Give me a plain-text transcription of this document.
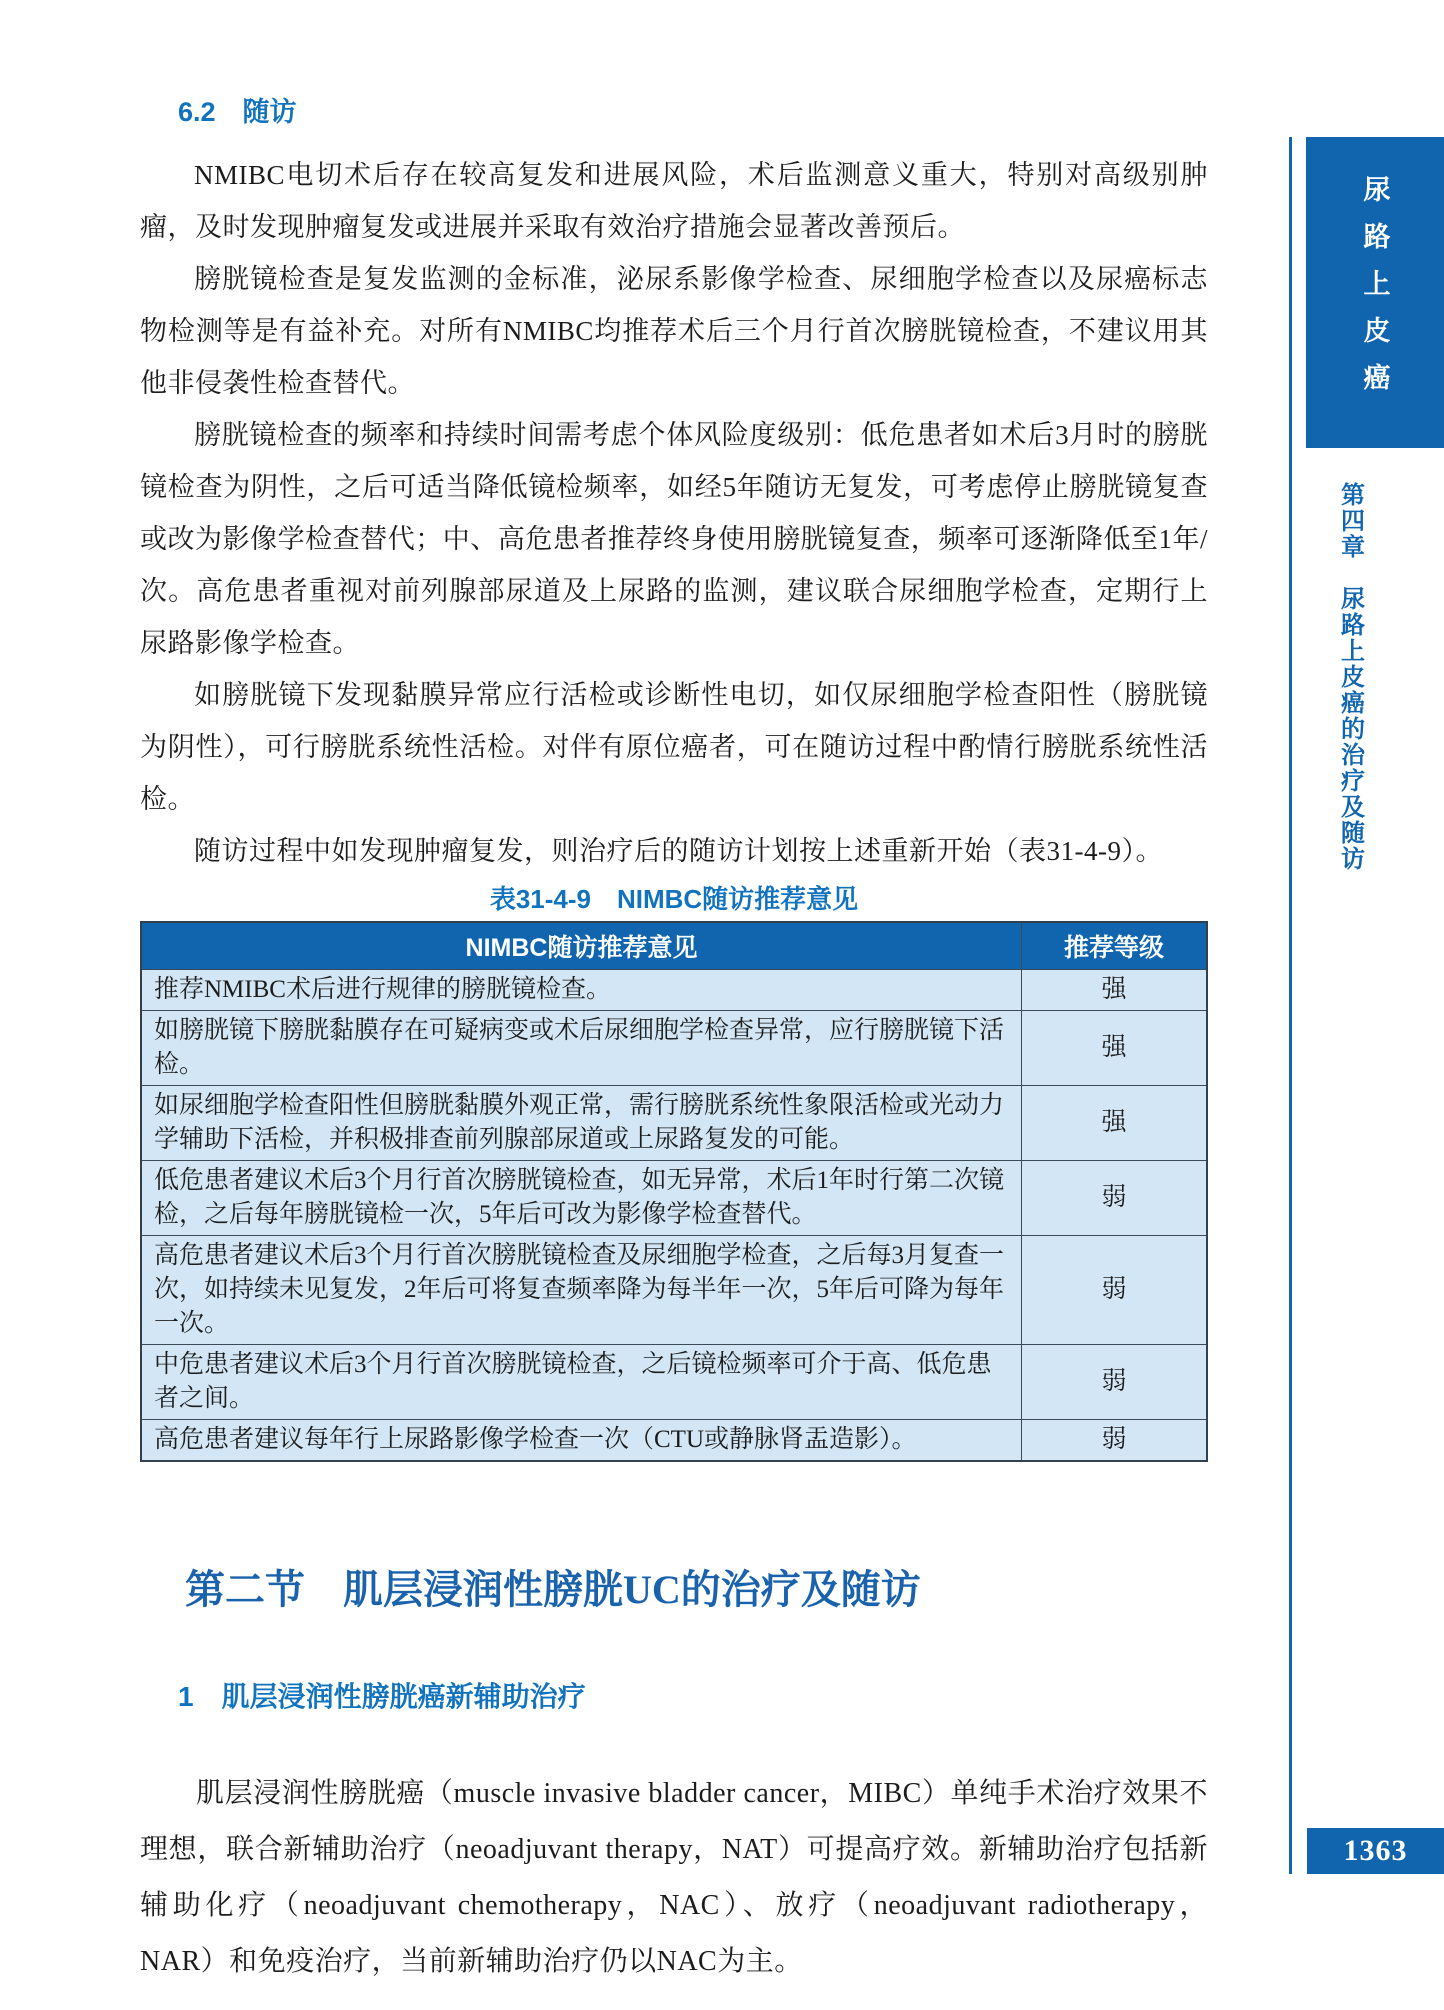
6.2　随访

NMIBC电切术后存在较高复发和进展风险，术后监测意义重大，特别对高级别肿瘤，及时发现肿瘤复发或进展并采取有效治疗措施会显著改善预后。

膀胱镜检查是复发监测的金标准，泌尿系影像学检查、尿细胞学检查以及尿癌标志物检测等是有益补充。对所有NMIBC均推荐术后三个月行首次膀胱镜检查，不建议用其他非侵袭性检查替代。

膀胱镜检查的频率和持续时间需考虑个体风险度级别：低危患者如术后3月时的膀胱镜检查为阴性，之后可适当降低镜检频率，如经5年随访无复发，可考虑停止膀胱镜复查或改为影像学检查替代；中、高危患者推荐终身使用膀胱镜复查，频率可逐渐降低至1年/次。高危患者重视对前列腺部尿道及上尿路的监测，建议联合尿细胞学检查，定期行上尿路影像学检查。

如膀胱镜下发现黏膜异常应行活检或诊断性电切，如仅尿细胞学检查阳性（膀胱镜为阴性），可行膀胱系统性活检。对伴有原位癌者，可在随访过程中酌情行膀胱系统性活检。

随访过程中如发现肿瘤复发，则治疗后的随访计划按上述重新开始（表31-4-9）。

表31-4-9　NIMBC随访推荐意见
NIMBC随访推荐意见	推荐等级
推荐NMIBC术后进行规律的膀胱镜检查。	强
如膀胱镜下膀胱黏膜存在可疑病变或术后尿细胞学检查异常，应行膀胱镜下活检。	强
如尿细胞学检查阳性但膀胱黏膜外观正常，需行膀胱系统性象限活检或光动力学辅助下活检，并积极排查前列腺部尿道或上尿路复发的可能。	强
低危患者建议术后3个月行首次膀胱镜检查，如无异常，术后1年时行第二次镜检，之后每年膀胱镜检一次，5年后可改为影像学检查替代。	弱
高危患者建议术后3个月行首次膀胱镜检查及尿细胞学检查，之后每3月复查一次，如持续未见复发，2年后可将复查频率降为每半年一次，5年后可降为每年一次。	弱
中危患者建议术后3个月行首次膀胱镜检查，之后镜检频率可介于高、低危患者之间。	弱
高危患者建议每年行上尿路影像学检查一次（CTU或静脉肾盂造影）。	弱
第二节 肌层浸润性膀胱UC的治疗及随访
1　肌层浸润性膀胱癌新辅助治疗

肌层浸润性膀胱癌（muscle invasive bladder cancer，MIBC）单纯手术治疗效果不理想，联合新辅助治疗（neoadjuvant therapy，NAT）可提高疗效。新辅助治疗包括新辅助化疗（neoadjuvant chemotherapy，NAC）、放疗（neoadjuvant radiotherapy，NAR）和免疫治疗，当前新辅助治疗仍以NAC为主。

尿路上皮癌
第四章　尿路上皮癌的治疗及随访
1363
